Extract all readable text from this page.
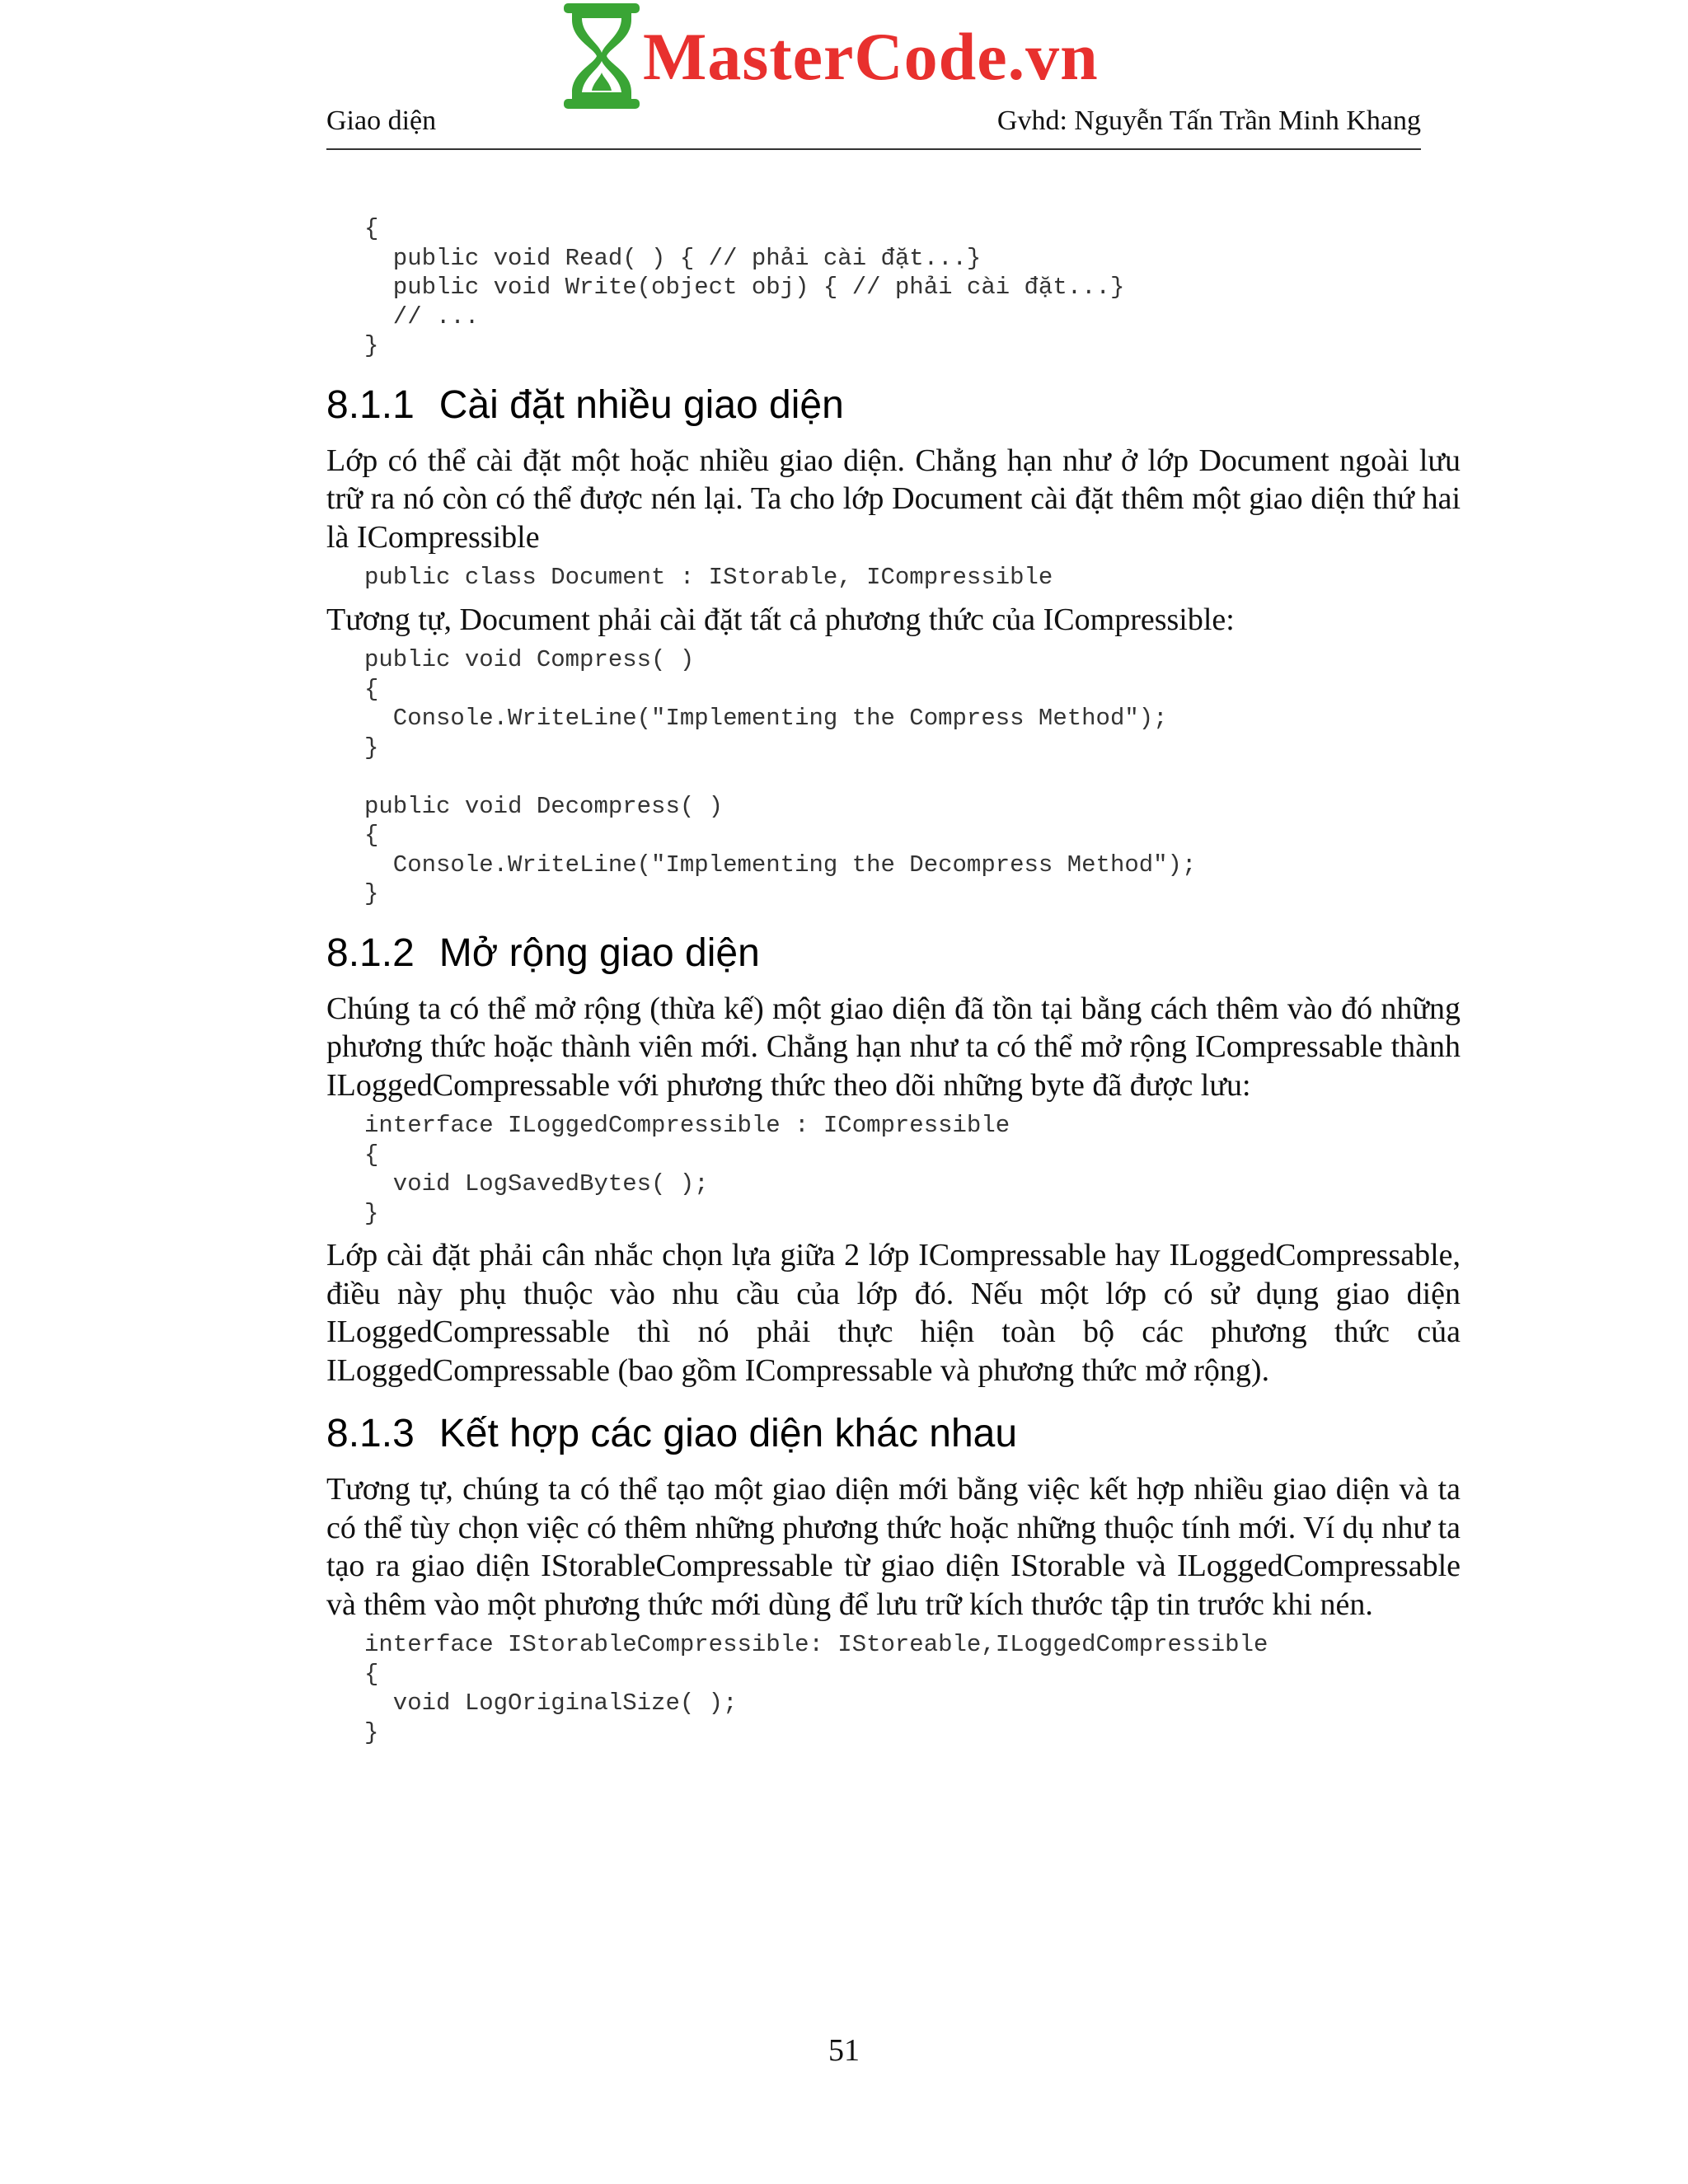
MasterCode.vn
Giao diện	Gvhd: Nguyễn Tấn Trần Minh Khang
{
public void Read( ) { // phải cài đặt...}
public void Write(object obj) { // phải cài đặt...}
// ...
}
8.1.1 Cài đặt nhiều giao diện

Lớp có thể cài đặt một hoặc nhiều giao diện. Chẳng hạn như ở lớp Document ngoài lưu trữ ra nó còn có thể được nén lại. Ta cho lớp Document cài đặt thêm một giao diện thứ hai là ICompressible

public class Document : IStorable, ICompressible

Tương tự, Document phải cài đặt tất cả phương thức của ICompressible:

public void Compress( )
{
Console.WriteLine("Implementing the Compress Method");
}

public void Decompress( )
{
Console.WriteLine("Implementing the Decompress Method");
}
8.1.2 Mở rộng giao diện

Chúng ta có thể mở rộng (thừa kế) một giao diện đã tồn tại bằng cách thêm vào đó những phương thức hoặc thành viên mới. Chẳng hạn như ta có thể mở rộng ICompressable thành ILoggedCompressable với phương thức theo dõi những byte đã được lưu:

interface ILoggedCompressible : ICompressible
{
void LogSavedBytes( );
}

Lớp cài đặt phải cân nhắc chọn lựa giữa 2 lớp ICompressable hay ILoggedCompressable, điều này phụ thuộc vào nhu cầu của lớp đó. Nếu một lớp có sử dụng giao diện ILoggedCompressable thì nó phải thực hiện toàn bộ các phương thức của ILoggedCompressable (bao gồm ICompressable và phương thức mở rộng).

8.1.3 Kết hợp các giao diện khác nhau

Tương tự, chúng ta có thể tạo một giao diện mới bằng việc kết hợp nhiều giao diện và ta có thể tùy chọn việc có thêm những phương thức hoặc những thuộc tính mới. Ví dụ như ta tạo ra giao diện IStorableCompressable từ giao diện IStorable và ILoggedCompressable và thêm vào một phương thức mới dùng để lưu trữ kích thước tập tin trước khi nén.

interface IStorableCompressible: IStoreable,ILoggedCompressible
{
void LogOriginalSize( );
}
51
